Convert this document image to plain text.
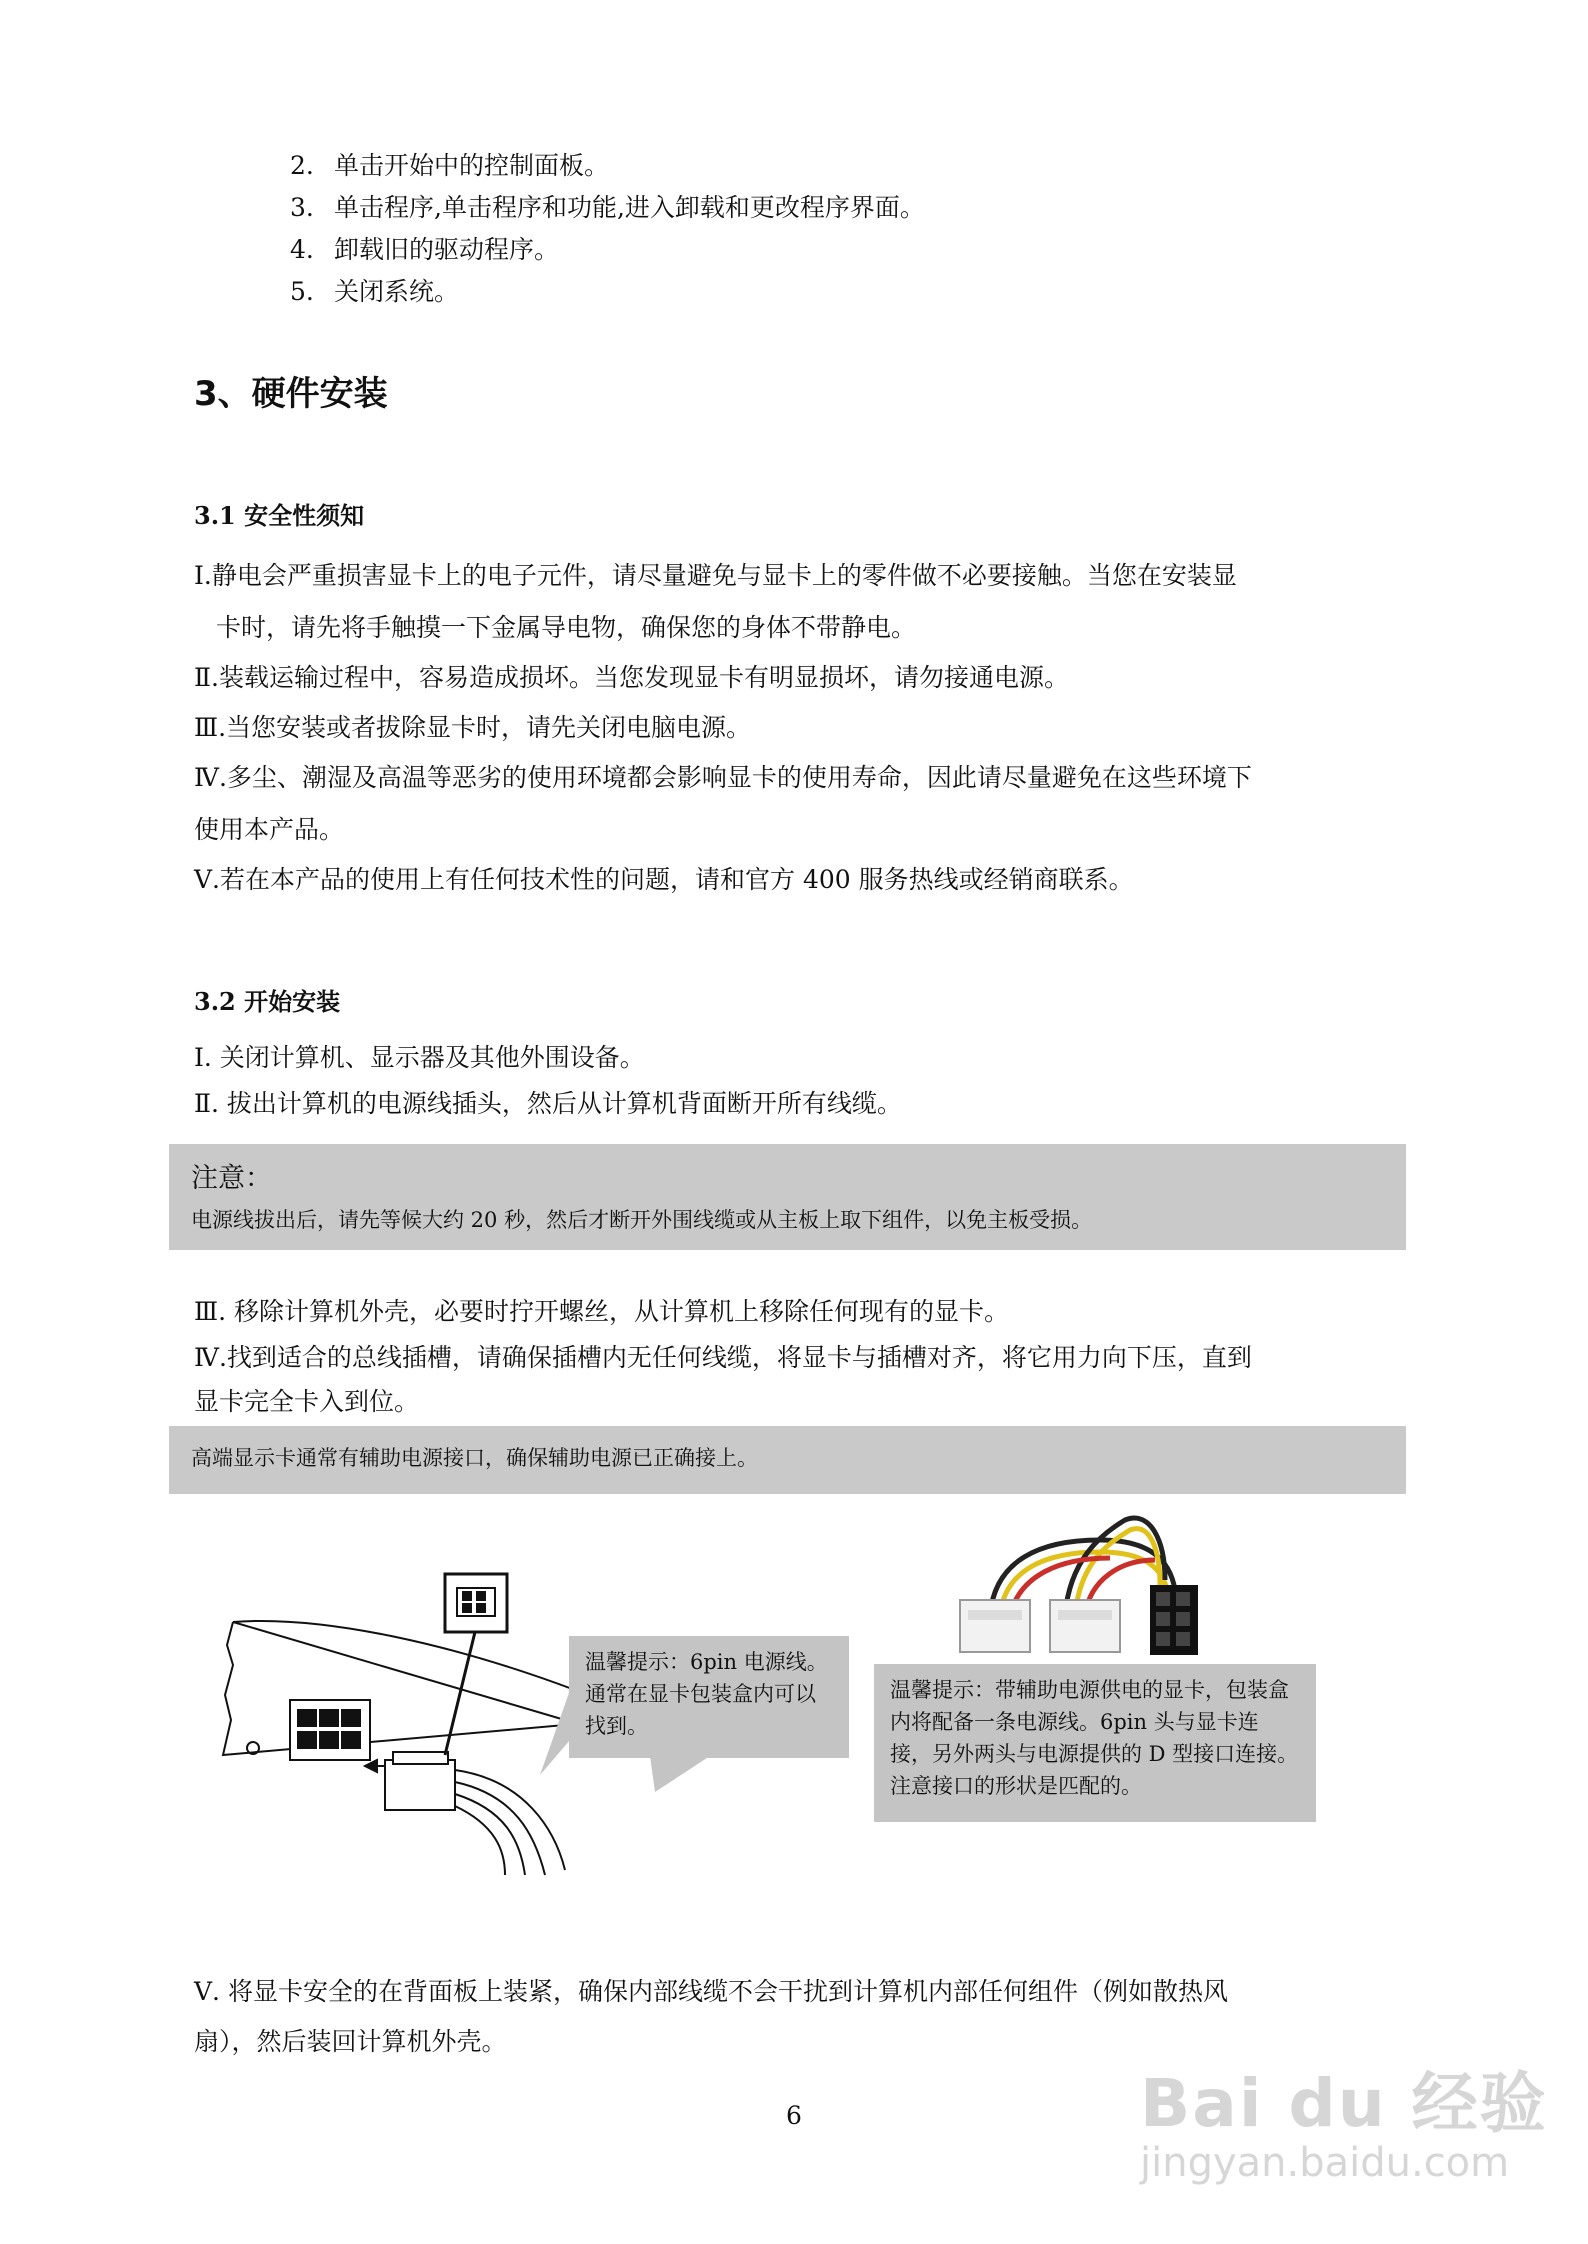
2. 单击开始中的控制面板。
3. 单击程序,单击程序和功能,进入卸载和更改程序界面。
4. 卸载旧的驱动程序。
5. 关闭系统。
3、硬件安装
3.1 安全性须知
Ⅰ.静电会严重损害显卡上的电子元件，请尽量避免与显卡上的零件做不必要接触。当您在安装显
卡时，请先将手触摸一下金属导电物，确保您的身体不带静电。
Ⅱ.装载运输过程中，容易造成损坏。当您发现显卡有明显损坏，请勿接通电源。
Ⅲ.当您安装或者拔除显卡时，请先关闭电脑电源。
Ⅳ.多尘、潮湿及高温等恶劣的使用环境都会影响显卡的使用寿命，因此请尽量避免在这些环境下
使用本产品。
Ⅴ.若在本产品的使用上有任何技术性的问题，请和官方 400 服务热线或经销商联系。
3.2 开始安装
Ⅰ. 关闭计算机、显示器及其他外围设备。
Ⅱ. 拔出计算机的电源线插头，然后从计算机背面断开所有线缆。
注意：
电源线拔出后，请先等候大约 20 秒，然后才断开外围线缆或从主板上取下组件，以免主板受损。
Ⅲ. 移除计算机外壳，必要时拧开螺丝，从计算机上移除任何现有的显卡。
Ⅳ.找到适合的总线插槽，请确保插槽内无任何线缆，将显卡与插槽对齐，将它用力向下压，直到
显卡完全卡入到位。
高端显示卡通常有辅助电源接口，确保辅助电源已正确接上。
温馨提示：6pin 电源线。通常在显卡包装盒内可以找到。
温馨提示：带辅助电源供电的显卡，包装盒内将配备一条电源线。6pin 头与显卡连接，另外两头与电源提供的 D 型接口连接。注意接口的形状是匹配的。
Ⅴ. 将显卡安全的在背面板上装紧，确保内部线缆不会干扰到计算机内部任何组件（例如散热风
扇），然后装回计算机外壳。
6	Bai du 经验
jingyan.baidu.com
